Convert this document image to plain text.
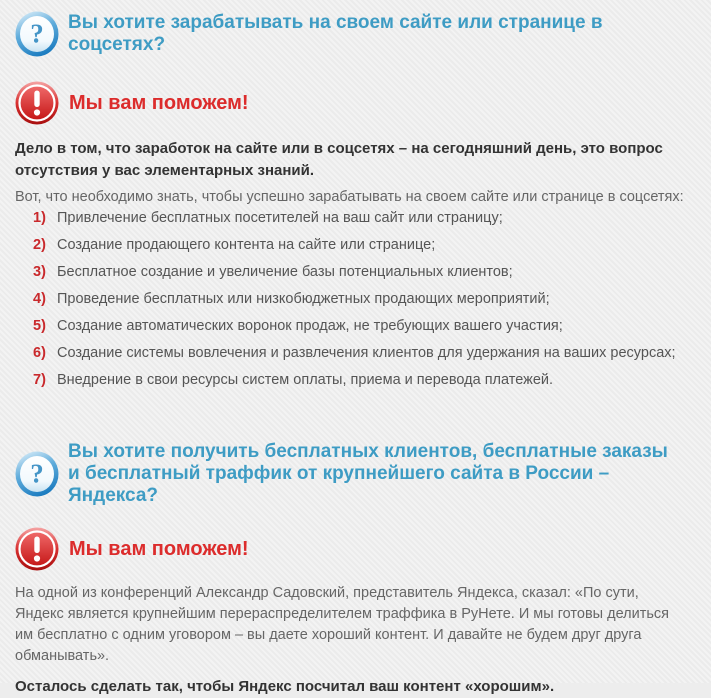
? Вы хотите зарабатывать на своем сайте или странице в соцсетях?
Мы вам поможем!

Дело в том, что заработок на сайте или в соцсетях – на сегодняшний день, это вопрос отсутствия у вас элементарных знаний.

Вот, что необходимо знать, чтобы успешно зарабатывать на своем сайте или странице в соцсетях:

1) Привлечение бесплатных посетителей на ваш сайт или страницу;
2) Создание продающего контента на сайте или странице;
3) Бесплатное создание и увеличение базы потенциальных клиентов;
4) Проведение бесплатных или низкобюджетных продающих мероприятий;
5) Создание автоматических воронок продаж, не требующих вашего участия;
6) Создание системы вовлечения и развлечения клиентов для удержания на ваших ресурсах;
7) Внедрение в свои ресурсы систем оплаты, приема и перевода платежей.
?
Вы хотите получить бесплатных клиентов, бесплатные заказы и бесплатный траффик от крупнейшего сайта в России – Яндекса?
Мы вам поможем!

На одной из конференций Александр Садовский, представитель Яндекса, сказал: «По сути, Яндекс является крупнейшим перераспределителем траффика в РуНете. И мы готовы делиться им бесплатно с одним уговором – вы даете хороший контент. И давайте не будем друг друга обманывать».

Осталось сделать так, чтобы Яндекс посчитал ваш контент «хорошим».
